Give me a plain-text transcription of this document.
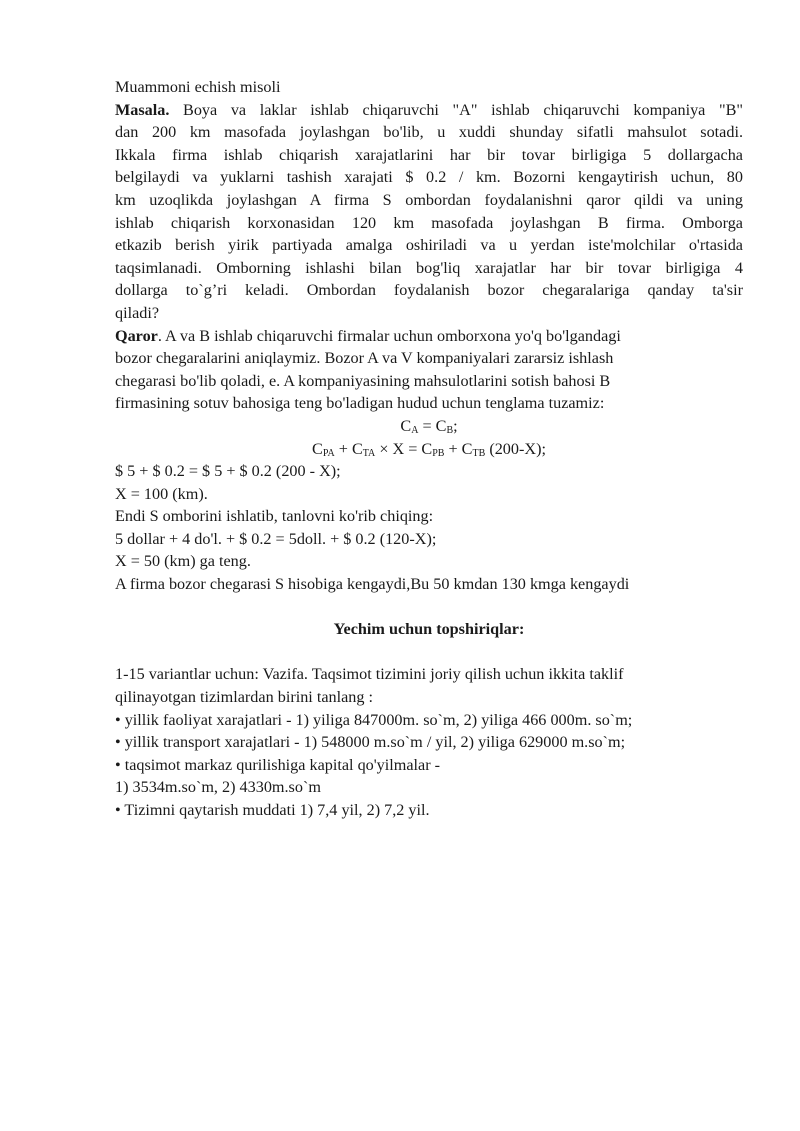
Muammoni echish misoli
Masala. Boya va laklar ishlab chiqaruvchi "A" ishlab chiqaruvchi kompaniya "B"
dan 200 km masofada joylashgan bo'lib, u xuddi shunday sifatli mahsulot sotadi.
Ikkala firma ishlab chiqarish xarajatlarini har bir tovar birligiga 5 dollargacha
belgilaydi va yuklarni tashish xarajati $ 0.2 / km. Bozorni kengaytirish uchun, 80
km uzoqlikda joylashgan A firma S ombordan foydalanishni qaror qildi va uning
ishlab chiqarish korxonasidan 120 km masofada joylashgan B firma. Omborga
etkazib berish yirik partiyada amalga oshiriladi va u yerdan iste'molchilar o'rtasida
taqsimlanadi. Omborning ishlashi bilan bog'liq xarajatlar har bir tovar birligiga 4
dollarga to`g’ri keladi. Ombordan foydalanish bozor chegaralariga qanday ta'sir
qiladi?
Qaror. A va B ishlab chiqaruvchi firmalar uchun omborxona yo'q bo'lgandagi
bozor chegaralarini aniqlaymiz. Bozor A va V kompaniyalari zararsiz ishlash
chegarasi bo'lib qoladi, e. A kompaniyasining mahsulotlarini sotish bahosi B
firmasining sotuv bahosiga teng bo'ladigan hudud uchun tenglama tuzamiz:
$C_A = C_B$;
$C_{PA} + C_{TA} \times X = C_{PB} + C_{TB}$ (200-X);
$ 5 + $ 0.2 = $ 5 + $ 0.2 (200 - X);
X = 100 (km).
Endi S omborini ishlatib, tanlovni ko'rib chiqing:
5 dollar + 4 do'l. + $ 0.2 = 5doll. + $ 0.2 (120-X);
X = 50 (km) ga teng.
A firma bozor chegarasi S hisobiga kengaydi,Bu 50 kmdan 130 kmga kengaydi
Yechim uchun topshiriqlar:
1-15 variantlar uchun: Vazifa. Taqsimot tizimini joriy qilish uchun ikkita taklif
qilinayotgan tizimlardan birini tanlang :
• yillik faoliyat xarajatlari - 1) yiliga 847000m. so`m, 2) yiliga 466 000m. so`m;
• yillik transport xarajatlari - 1) 548000 m.so`m / yil, 2) yiliga 629000 m.so`m;
• taqsimot markaz qurilishiga kapital qo'yilmalar -
1) 3534m.so`m, 2) 4330m.so`m
• Tizimni qaytarish muddati 1) 7,4 yil, 2) 7,2 yil.
